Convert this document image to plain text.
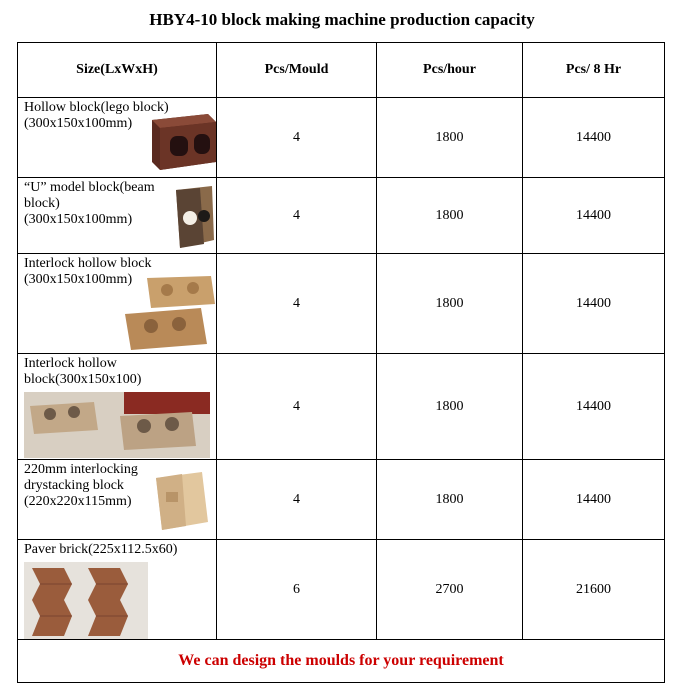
HBY4-10 block making machine production capacity
Size(LxWxH)	Pcs/Mould	Pcs/hour	Pcs/ 8 Hr

Hollow block(lego block)
(300x150x100mm)	4	1800	14400

“U” model block(beam block)
(300x150x100mm)	4	1800	14400

Interlock hollow block
(300x150x100mm)	4	1800	14400

Interlock hollow
block(300x150x100)	4	1800	14400

220mm interlocking
drystacking block
(220x220x115mm)	4	1800	14400

Paver brick(225x112.5x60)	6	2700	21600
We can design the moulds for your requirement			
